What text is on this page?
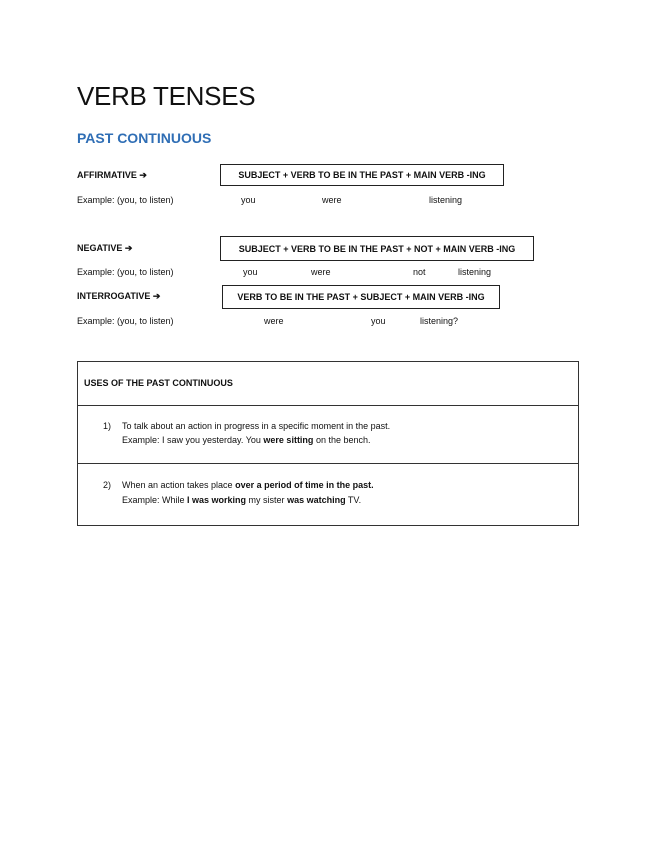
VERB TENSES
PAST CONTINUOUS
AFFIRMATIVE ➔	SUBJECT + VERB TO BE IN THE PAST + MAIN VERB -ING
Example: (you, to listen)	you	were	listening
NEGATIVE ➔	SUBJECT + VERB TO BE IN THE PAST + NOT + MAIN VERB -ING
Example: (you, to listen)	you	were	not	listening
INTERROGATIVE ➔	VERB TO BE IN THE PAST + SUBJECT + MAIN VERB -ING
Example: (you, to listen)	were	you	listening?
USES OF THE PAST CONTINUOUS
1) To talk about an action in progress in a specific moment in the past.
Example: I saw you yesterday. You were sitting on the bench.
2) When an action takes place over a period of time in the past.
Example: While I was working my sister was watching TV.
